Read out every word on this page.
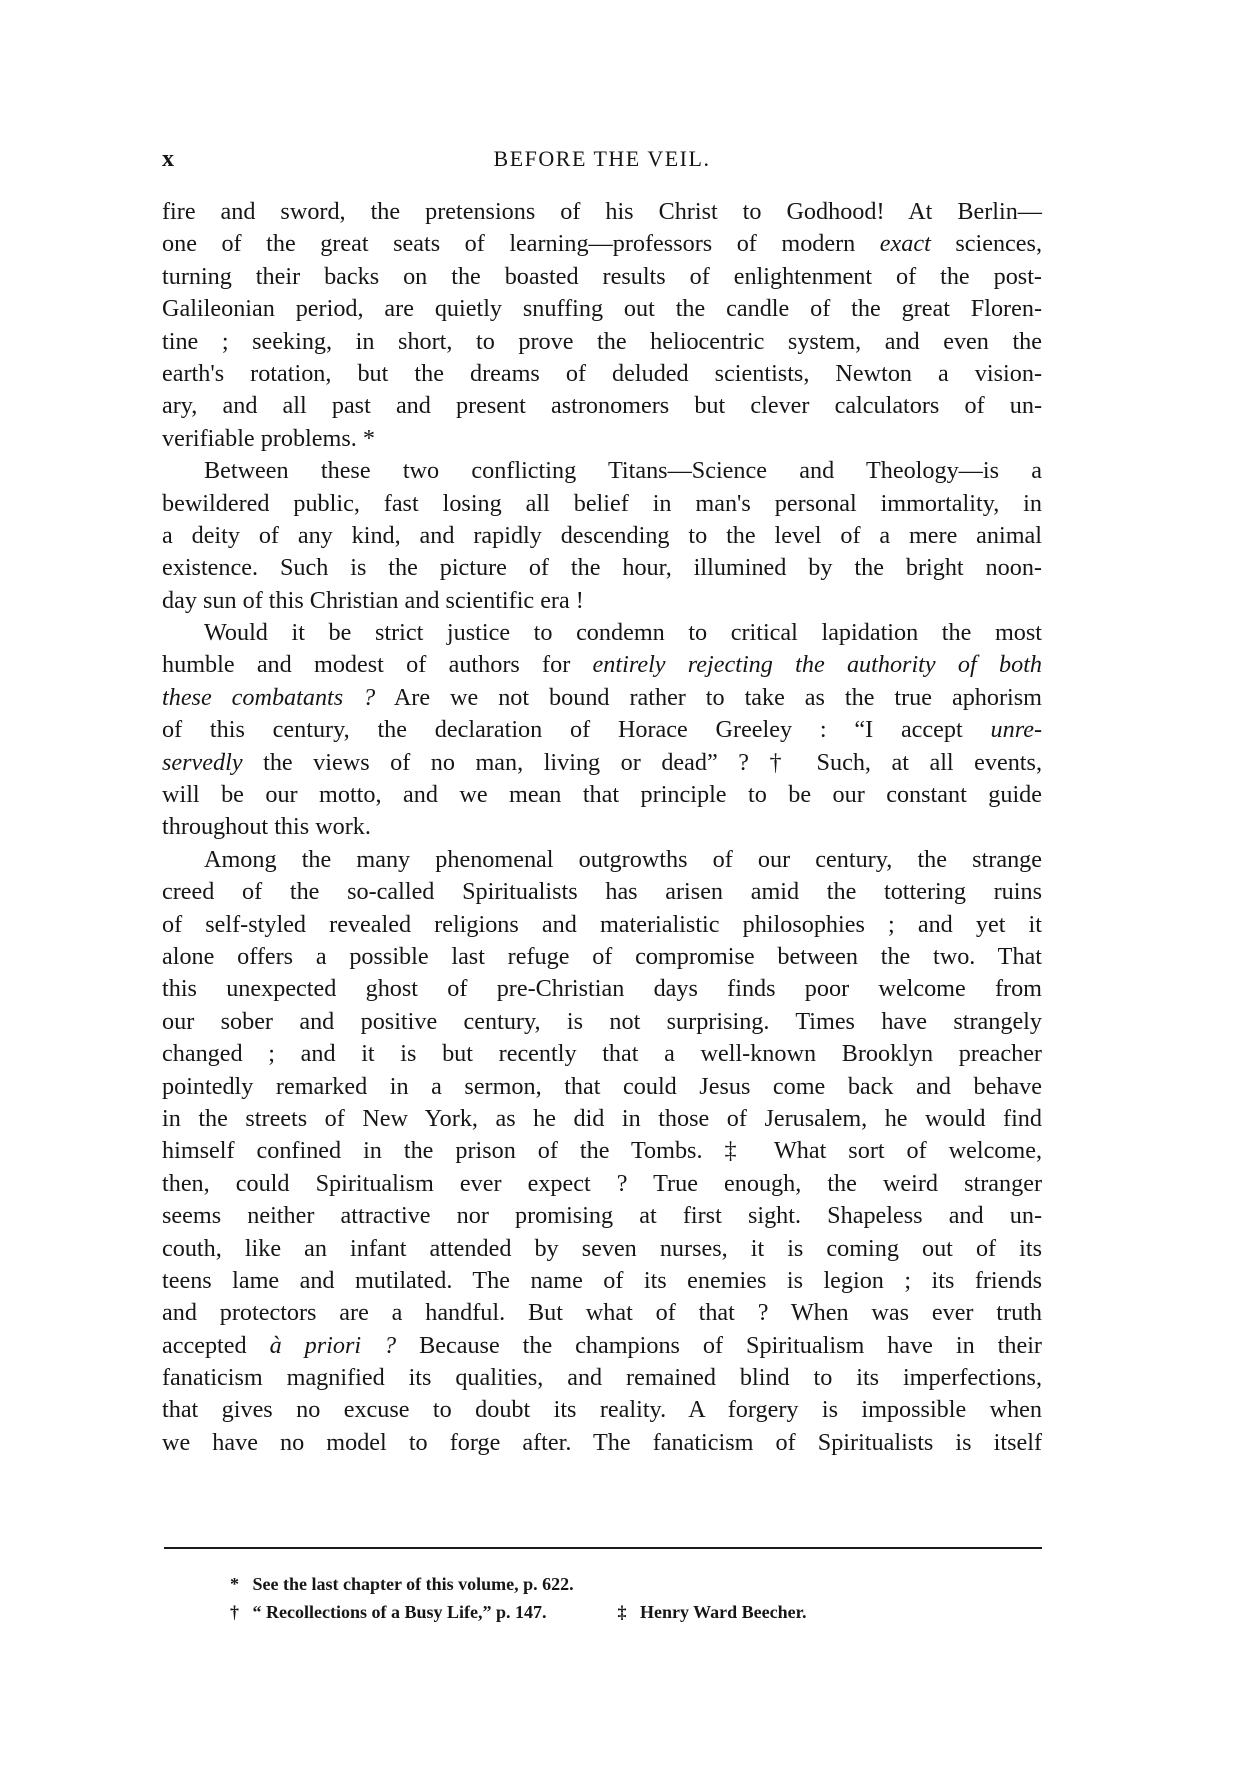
x	BEFORE THE VEIL.
fire and sword, the pretensions of his Christ to Godhood! At Berlin—
one of the great seats of learning—professors of modern exact sciences,
turning their backs on the boasted results of enlightenment of the post-
Galileonian period, are quietly snuffing out the candle of the great Floren-
tine ; seeking, in short, to prove the heliocentric system, and even the
earth's rotation, but the dreams of deluded scientists, Newton a vision-
ary, and all past and present astronomers but clever calculators of un-
verifiable problems. *
Between these two conflicting Titans—Science and Theology—is a
bewildered public, fast losing all belief in man's personal immortality, in
a deity of any kind, and rapidly descending to the level of a mere animal
existence. Such is the picture of the hour, illumined by the bright noon-
day sun of this Christian and scientific era !
Would it be strict justice to condemn to critical lapidation the most
humble and modest of authors for entirely rejecting the authority of both
these combatants ? Are we not bound rather to take as the true aphorism
of this century, the declaration of Horace Greeley : “I accept unre-
servedly the views of no man, living or dead” ? † Such, at all events,
will be our motto, and we mean that principle to be our constant guide
throughout this work.
Among the many phenomenal outgrowths of our century, the strange
creed of the so-called Spiritualists has arisen amid the tottering ruins
of self-styled revealed religions and materialistic philosophies ; and yet it
alone offers a possible last refuge of compromise between the two. That
this unexpected ghost of pre-Christian days finds poor welcome from
our sober and positive century, is not surprising. Times have strangely
changed ; and it is but recently that a well-known Brooklyn preacher
pointedly remarked in a sermon, that could Jesus come back and behave
in the streets of New York, as he did in those of Jerusalem, he would find
himself confined in the prison of the Tombs. ‡ What sort of welcome,
then, could Spiritualism ever expect ? True enough, the weird stranger
seems neither attractive nor promising at first sight. Shapeless and un-
couth, like an infant attended by seven nurses, it is coming out of its
teens lame and mutilated. The name of its enemies is legion ; its friends
and protectors are a handful. But what of that ? When was ever truth
accepted à priori ? Because the champions of Spiritualism have in their
fanaticism magnified its qualities, and remained blind to its imperfections,
that gives no excuse to doubt its reality. A forgery is impossible when
we have no model to forge after. The fanaticism of Spiritualists is itself
* See the last chapter of this volume, p. 622.
† “ Recollections of a Busy Life,” p. 147.	‡ Henry Ward Beecher.
